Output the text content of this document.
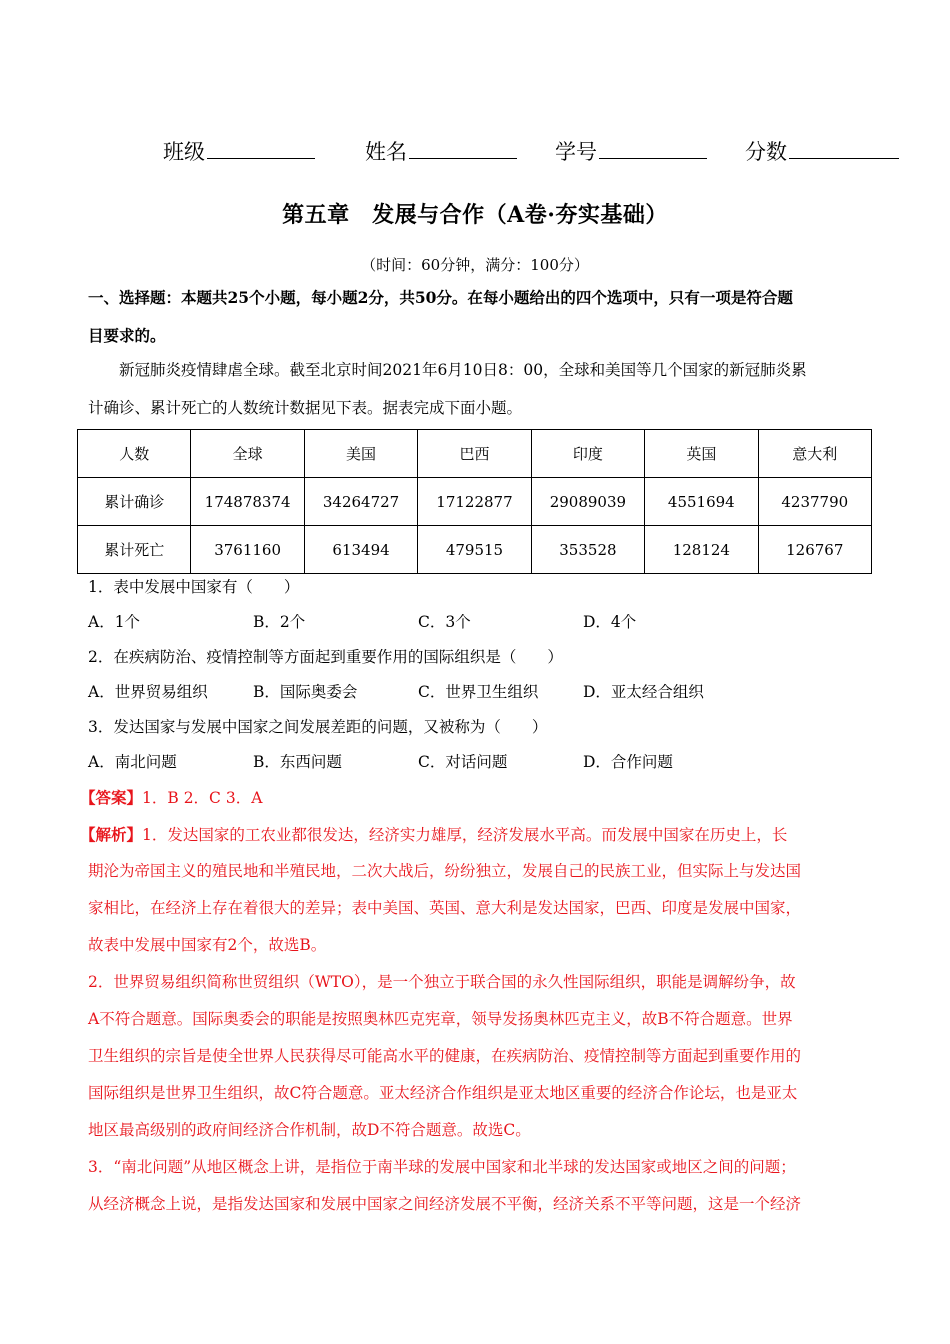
班级	姓名	学号	分数
第五章　发展与合作（A卷·夯实基础）
（时间：60分钟，满分：100分）
一、选择题：本题共25个小题，每小题2分，共50分。在每小题给出的四个选项中，只有一项是符合题
目要求的。
新冠肺炎疫情肆虐全球。截至北京时间2021年6月10日8：00，全球和美国等几个国家的新冠肺炎累
计确诊、累计死亡的人数统计数据见下表。据表完成下面小题。
人数	全球	美国	巴西	印度	英国	意大利
累计确诊	174878374	34264727	17122877	29089039	4551694	4237790
累计死亡	3761160	613494	479515	353528	128124	126767
1．表中发展中国家有（　　）
A．1个	B．2个	C．3个	D．4个
2．在疾病防治、疫情控制等方面起到重要作用的国际组织是（　　）
A．世界贸易组织	B．国际奥委会	C．世界卫生组织	D．亚太经合组织
3．发达国家与发展中国家之间发展差距的问题，又被称为（　　）
A．南北问题	B．东西问题	C．对话问题	D．合作问题
【答案】1．B 2．C 3．A
【解析】1．发达国家的工农业都很发达，经济实力雄厚，经济发展水平高。而发展中国家在历史上，长
期沦为帝国主义的殖民地和半殖民地，二次大战后，纷纷独立，发展自己的民族工业，但实际上与发达国
家相比，在经济上存在着很大的差异；表中美国、英国、意大利是发达国家，巴西、印度是发展中国家，
故表中发展中国家有2个，故选B。
2．世界贸易组织简称世贸组织（WTO），是一个独立于联合国的永久性国际组织，职能是调解纷争，故
A不符合题意。国际奥委会的职能是按照奥林匹克宪章，领导发扬奥林匹克主义，故B不符合题意。世界
卫生组织的宗旨是使全世界人民获得尽可能高水平的健康，在疾病防治、疫情控制等方面起到重要作用的
国际组织是世界卫生组织，故C符合题意。亚太经济合作组织是亚太地区重要的经济合作论坛，也是亚太
地区最高级别的政府间经济合作机制，故D不符合题意。故选C。
3．“南北问题”从地区概念上讲，是指位于南半球的发展中国家和北半球的发达国家或地区之间的问题；
从经济概念上说，是指发达国家和发展中国家之间经济发展不平衡，经济关系不平等问题，这是一个经济
